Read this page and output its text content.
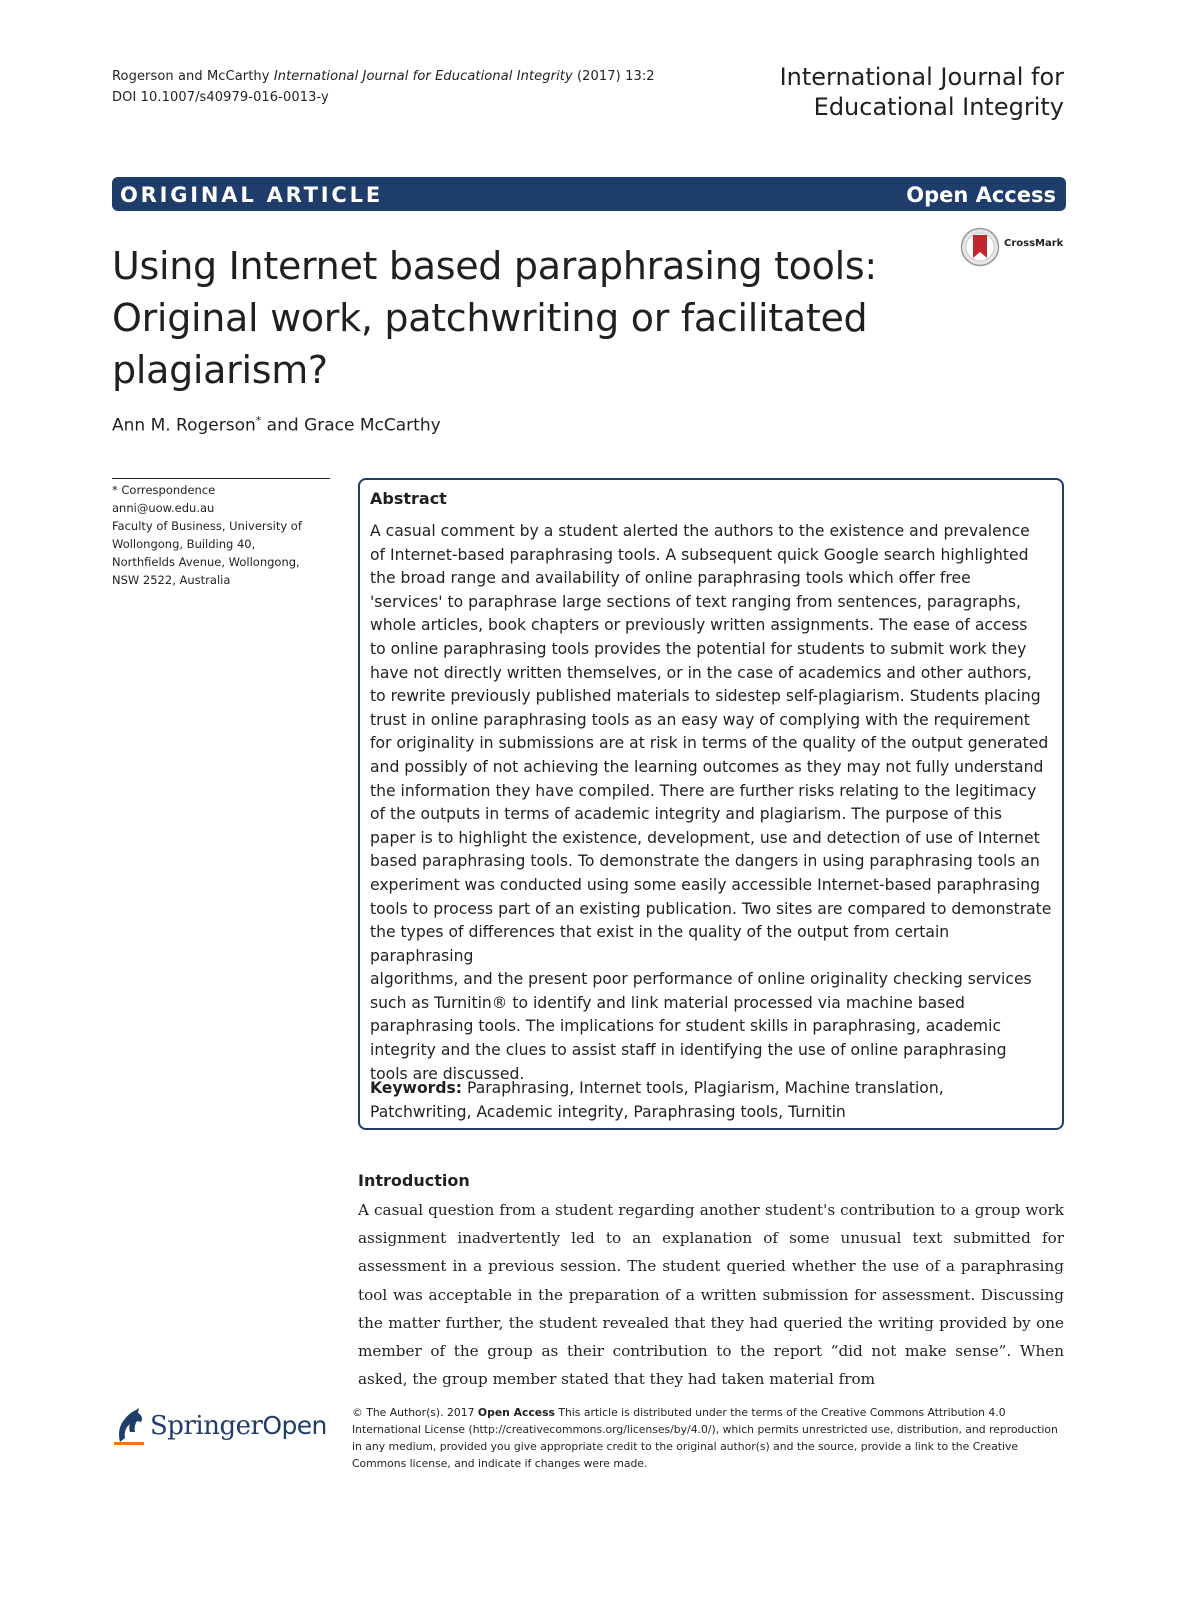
Rogerson and McCarthy International Journal for Educational Integrity (2017) 13:2
DOI 10.1007/s40979-016-0013-y
International Journal for
Educational Integrity
ORIGINAL ARTICLE	Open Access
Using Internet based paraphrasing tools:
Original work, patchwriting or facilitated
plagiarism?
CrossMark
Ann M. Rogerson* and Grace McCarthy
* Correspondence
anni@uow.edu.au
Faculty of Business, University of
Wollongong, Building 40,
Northfields Avenue, Wollongong,
NSW 2522, Australia
Abstract
A casual comment by a student alerted the authors to the existence and prevalence
of Internet-based paraphrasing tools. A subsequent quick Google search highlighted
the broad range and availability of online paraphrasing tools which offer free
'services' to paraphrase large sections of text ranging from sentences, paragraphs,
whole articles, book chapters or previously written assignments. The ease of access
to online paraphrasing tools provides the potential for students to submit work they
have not directly written themselves, or in the case of academics and other authors,
to rewrite previously published materials to sidestep self-plagiarism. Students placing
trust in online paraphrasing tools as an easy way of complying with the requirement
for originality in submissions are at risk in terms of the quality of the output generated
and possibly of not achieving the learning outcomes as they may not fully understand
the information they have compiled. There are further risks relating to the legitimacy
of the outputs in terms of academic integrity and plagiarism. The purpose of this
paper is to highlight the existence, development, use and detection of use of Internet
based paraphrasing tools. To demonstrate the dangers in using paraphrasing tools an
experiment was conducted using some easily accessible Internet-based paraphrasing
tools to process part of an existing publication. Two sites are compared to demonstrate
the types of differences that exist in the quality of the output from certain paraphrasing
algorithms, and the present poor performance of online originality checking services
such as Turnitin® to identify and link material processed via machine based
paraphrasing tools. The implications for student skills in paraphrasing, academic
integrity and the clues to assist staff in identifying the use of online paraphrasing
tools are discussed.
Keywords: Paraphrasing, Internet tools, Plagiarism, Machine translation,
Patchwriting, Academic integrity, Paraphrasing tools, Turnitin
Introduction
A casual question from a student regarding another student's contribution to a group work assignment inadvertently led to an explanation of some unusual text submitted for assessment in a previous session. The student queried whether the use of a paraphrasing tool was acceptable in the preparation of a written submission for assessment. Discussing the matter further, the student revealed that they had queried the writing provided by one member of the group as their contribution to the report “did not make sense”. When asked, the group member stated that they had taken material from
SpringerOpen © The Author(s). 2017 Open Access This article is distributed under the terms of the Creative Commons Attribution 4.0 International License (http://creativecommons.org/licenses/by/4.0/), which permits unrestricted use, distribution, and reproduction in any medium, provided you give appropriate credit to the original author(s) and the source, provide a link to the Creative Commons license, and indicate if changes were made.
